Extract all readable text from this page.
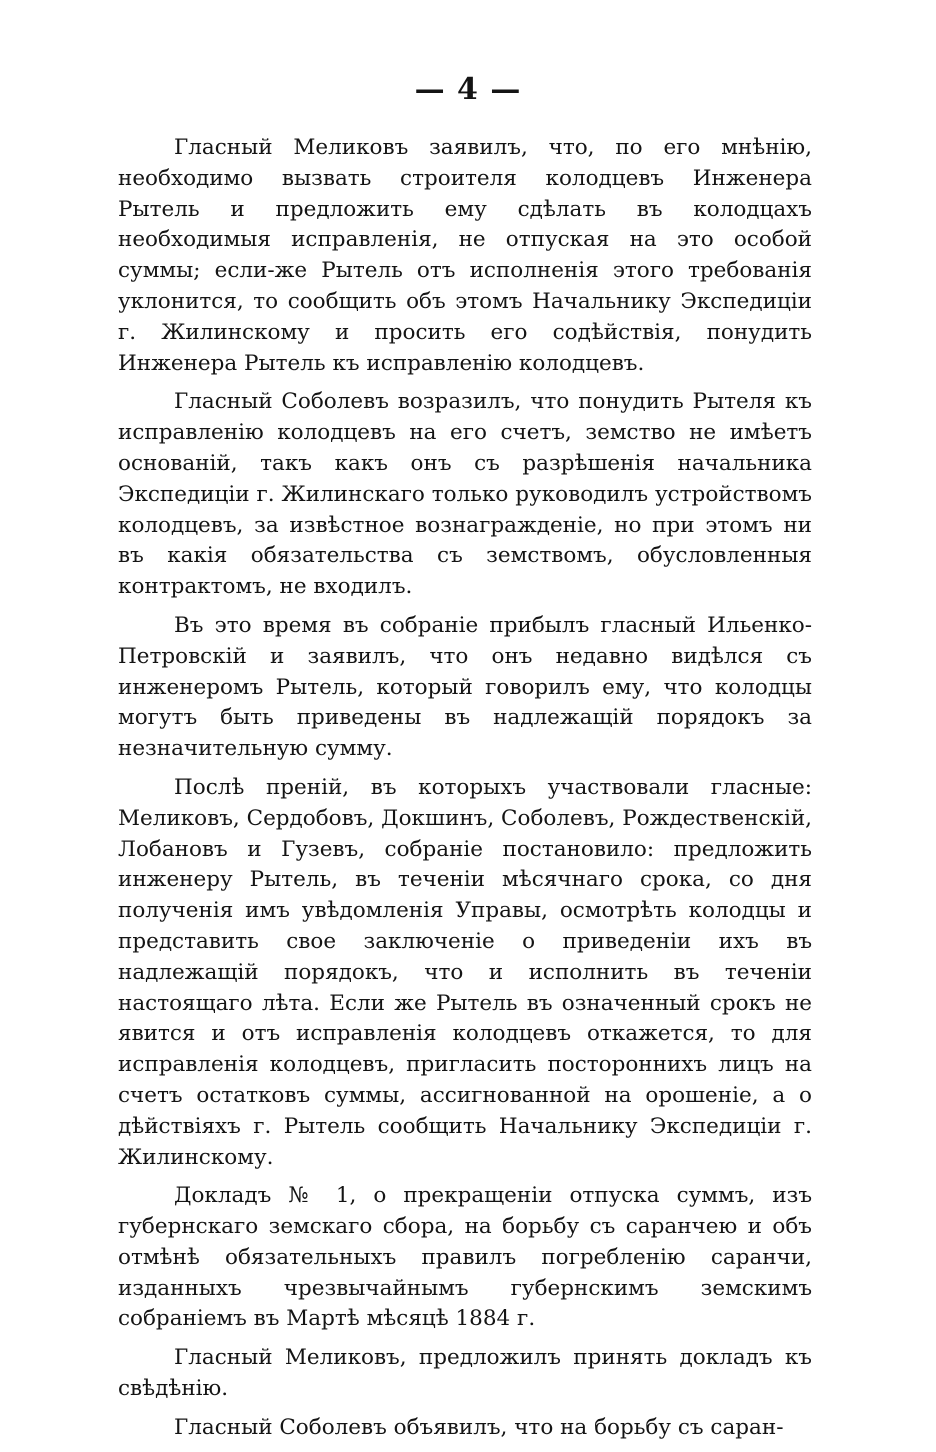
— 4 —

Гласный Меликовъ заявилъ, что, по его мнѣнію, необходимо вызвать строителя колодцевъ Инженера Рытель и предложить ему сдѣлать въ колодцахъ необходимыя исправленія, не отпуская на это особой суммы; если-же Рытель отъ исполненія этого требованія уклонится, то сообщить объ этомъ Начальнику Экспедиціи г. Жилинскому и просить его содѣйствія, понудить Инженера Рытель къ исправленію колодцевъ.

Гласный Соболевъ возразилъ, что понудить Рытеля къ исправленію колодцевъ на его счетъ, земство не имѣетъ основаній, такъ какъ онъ съ разрѣшенія начальника Экспедиціи г. Жилинскаго только руководилъ устройствомъ колодцевъ, за извѣстное вознагражденіе, но при этомъ ни въ какія обязательства съ земствомъ, обусловленныя контрактомъ, не входилъ.

Въ это время въ собраніе прибылъ гласный Ильенко-Петровскій и заявилъ, что онъ недавно видѣлся съ инженеромъ Рытель, который говорилъ ему, что колодцы могутъ быть приведены въ надлежащій порядокъ за незначительную сумму.

Послѣ преній, въ которыхъ участвовали гласные: Меликовъ, Сердобовъ, Докшинъ, Соболевъ, Рождественскій, Лобановъ и Гузевъ, собраніе постановило: предложить инженеру Рытель, въ теченіи мѣсячнаго срока, со дня полученія имъ увѣдомленія Управы, осмотрѣть колодцы и представить свое заключеніе о приведеніи ихъ въ надлежащій порядокъ, что и исполнить въ теченіи настоящаго лѣта. Если же Рытель въ означенный срокъ не явится и отъ исправленія колодцевъ откажется, то для исправленія колодцевъ, пригласить постороннихъ лицъ на счетъ остатковъ суммы, ассигнованной на орошеніе, а о дѣйствіяхъ г. Рытель сообщить Начальнику Экспедиціи г. Жилинскому.

Докладъ № 1, о прекращеніи отпуска суммъ, изъ губернскаго земскаго сбора, на борьбу съ саранчею и объ отмѣнѣ обязательныхъ правилъ погребленію саранчи, изданныхъ чрезвычайнымъ губернскимъ земскимъ собраніемъ въ Мартѣ мѣсяцѣ 1884 г.

Гласный Меликовъ, предложилъ принять докладъ къ свѣдѣнію.

Гласный Соболевъ объявилъ, что на борьбу съ саран-
